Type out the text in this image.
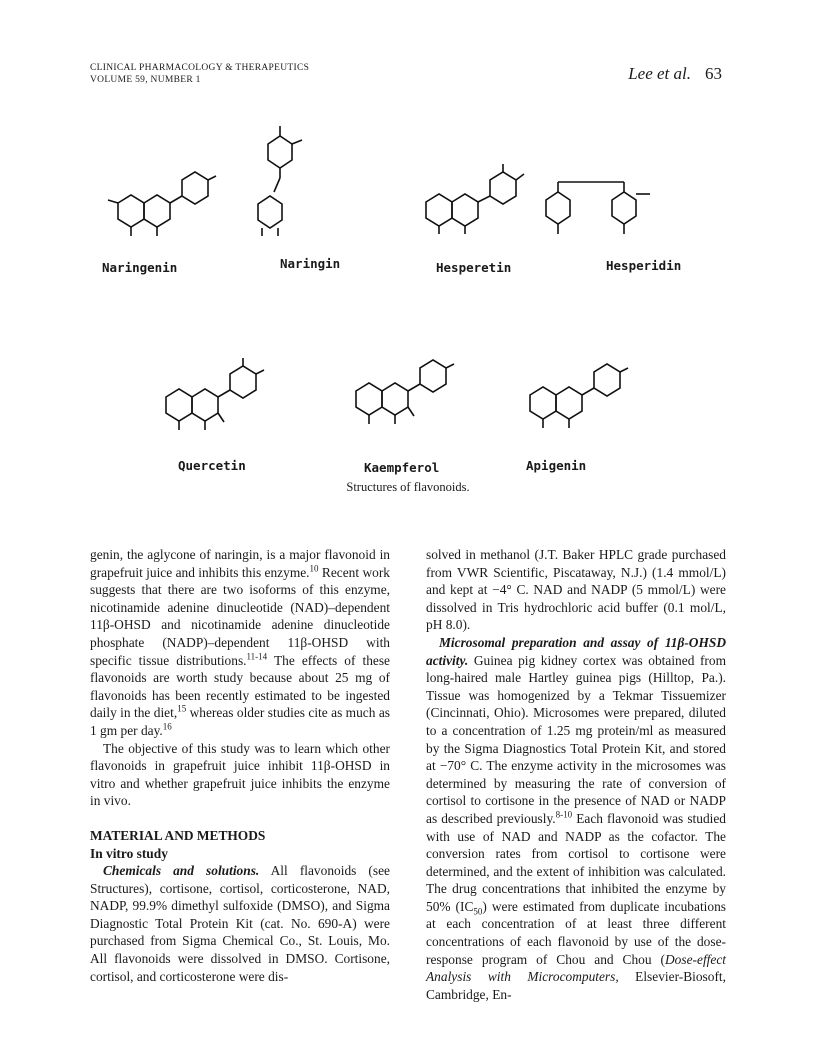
CLINICAL PHARMACOLOGY & THERAPEUTICS
VOLUME 59, NUMBER 1	Lee et al. 63
Naringenin	Naringin	Hesperetin	Hesperidin
Quercetin	Kaempferol	Apigenin
Structures of flavonoids.

genin, the aglycone of naringin, is a major flavonoid in grapefruit juice and inhibits this enzyme.$^{10}$ Recent work suggests that there are two isoforms of this enzyme, nicotinamide adenine dinucleotide (NAD)–dependent 11β-OHSD and nicotinamide adenine dinucleotide phosphate (NADP)–dependent 11β-OHSD with specific tissue distributions.$^{11-14}$ The effects of these flavonoids are worth study because about 25 mg of flavonoids has been recently estimated to be ingested daily in the diet,$^{15}$ whereas older studies cite as much as 1 gm per day.$^{16}$

The objective of this study was to learn which other flavonoids in grapefruit juice inhibit 11β-OHSD in vitro and whether grapefruit juice inhibits the enzyme in vivo.

MATERIAL AND METHODS
In vitro study

Chemicals and solutions. All flavonoids (see Structures), cortisone, cortisol, corticosterone, NAD, NADP, 99.9% dimethyl sulfoxide (DMSO), and Sigma Diagnostic Total Protein Kit (cat. No. 690-A) were purchased from Sigma Chemical Co., St. Louis, Mo. All flavonoids were dissolved in DMSO. Cortisone, cortisol, and corticosterone were dis-

solved in methanol (J.T. Baker HPLC grade purchased from VWR Scientific, Piscataway, N.J.) (1.4 mmol/L) and kept at −4° C. NAD and NADP (5 mmol/L) were dissolved in Tris hydrochloric acid buffer (0.1 mol/L, pH 8.0).

Microsomal preparation and assay of 11β-OHSD activity. Guinea pig kidney cortex was obtained from long-haired male Hartley guinea pigs (Hilltop, Pa.). Tissue was homogenized by a Tekmar Tissuemizer (Cincinnati, Ohio). Microsomes were prepared, diluted to a concentration of 1.25 mg protein/ml as measured by the Sigma Diagnostics Total Protein Kit, and stored at −70° C. The enzyme activity in the microsomes was determined by measuring the rate of conversion of cortisol to cortisone in the presence of NAD or NADP as described previously.$^{8-10}$ Each flavonoid was studied with use of NAD and NADP as the cofactor. The conversion rates from cortisol to cortisone were determined, and the extent of inhibition was calculated. The drug concentrations that inhibited the enzyme by 50% $(IC_{50})$ were estimated from duplicate incubations at each concentration of at least three different concentrations of each flavonoid by use of the dose-response program of Chou and Chou (Dose-effect Analysis with Microcomputers, Elsevier-Biosoft, Cambridge, En-
